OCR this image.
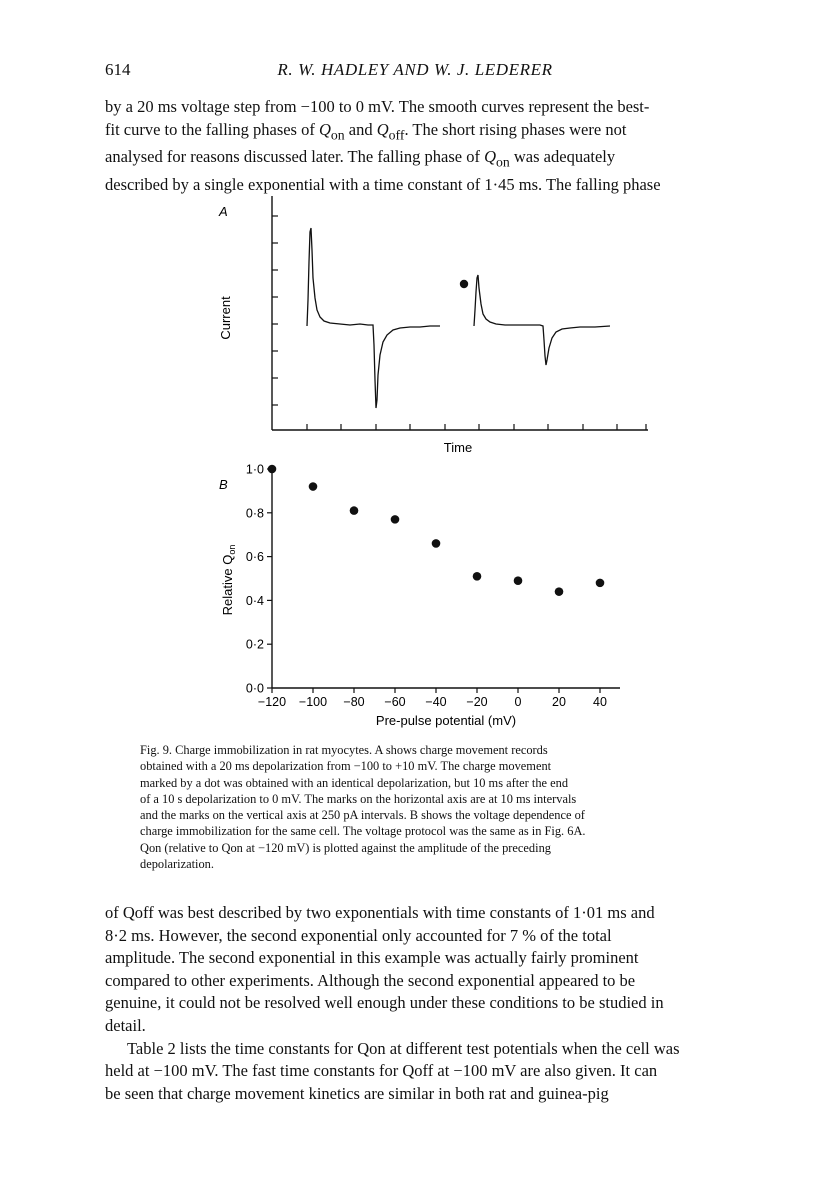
614	R. W. HADLEY AND W. J. LEDERER

by a 20 ms voltage step from −100 to 0 mV. The smooth curves represent the best-

fit curve to the falling phases of $Q_{on}$ and $Q_{off}$. The short rising phases were not

analysed for reasons discussed later. The falling phase of $Q_{on}$ was adequately

described by a single exponential with a time constant of 1·45 ms. The falling phase

A
Current
Time
B
Relative $Q_{on}$
0·0
0·2
0·4
0·6
0·8
1·0
−120 −100 −80 −60 −40 −20 0 20 40
Pre-pulse potential (mV)

Fig. 9. Charge immobilization in rat myocytes. A shows charge movement records

obtained with a 20 ms depolarization from −100 to +10 mV. The charge movement

marked by a dot was obtained with an identical depolarization, but 10 ms after the end

of a 10 s depolarization to 0 mV. The marks on the horizontal axis are at 10 ms intervals

and the marks on the vertical axis at 250 pA intervals. B shows the voltage dependence of

charge immobilization for the same cell. The voltage protocol was the same as in Fig. 6A.

Qon (relative to Qon at −120 mV) is plotted against the amplitude of the preceding

depolarization.

of Qoff was best described by two exponentials with time constants of 1·01 ms and

8·2 ms. However, the second exponential only accounted for 7 % of the total

amplitude. The second exponential in this example was actually fairly prominent

compared to other experiments. Although the second exponential appeared to be

genuine, it could not be resolved well enough under these conditions to be studied in

detail.

Table 2 lists the time constants for Qon at different test potentials when the cell was

held at −100 mV. The fast time constants for Qoff at −100 mV are also given. It can

be seen that charge movement kinetics are similar in both rat and guinea-pig
